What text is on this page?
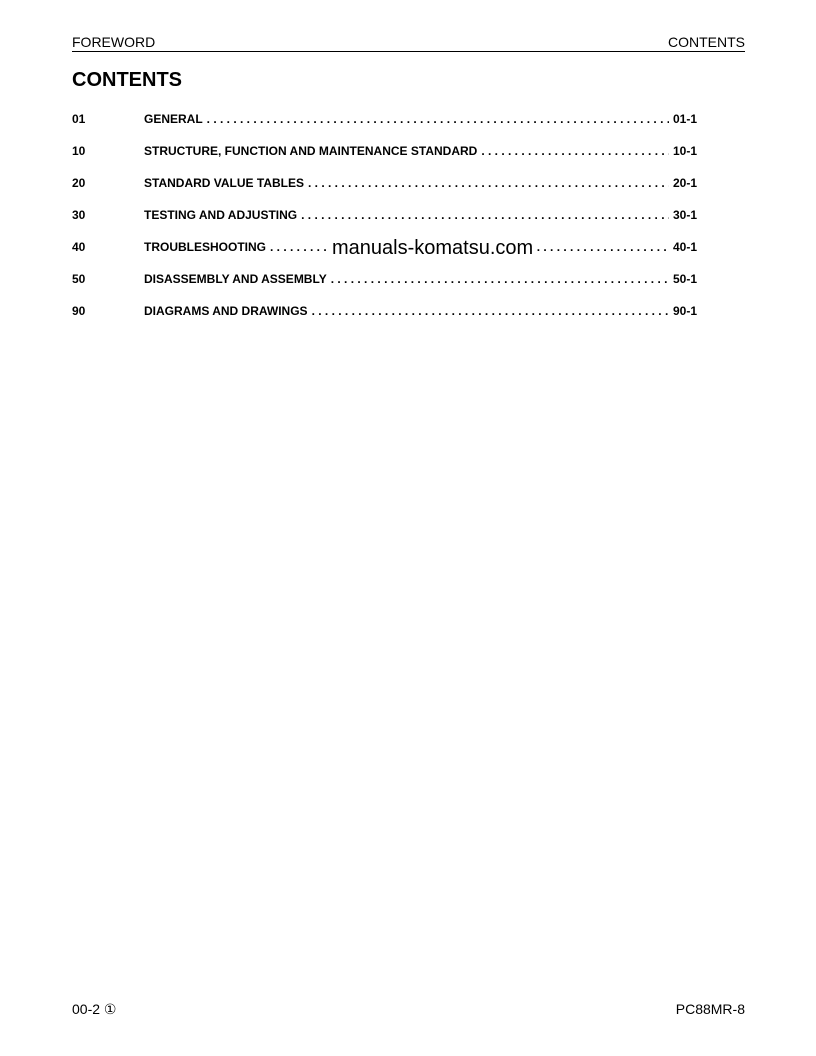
FOREWORD	CONTENTS
CONTENTS
01	GENERAL . . .	01-1
10	STRUCTURE, FUNCTION AND MAINTENANCE STANDARD . . .	10-1
20	STANDARD VALUE TABLES . . .	20-1
30	TESTING AND ADJUSTING . . .	30-1
40	TROUBLESHOOTING . . .	40-1
50	DISASSEMBLY AND ASSEMBLY . . .	50-1
90	DIAGRAMS AND DRAWINGS . . .	90-1
manuals-komatsu.com
00-2 ①	PC88MR-8
